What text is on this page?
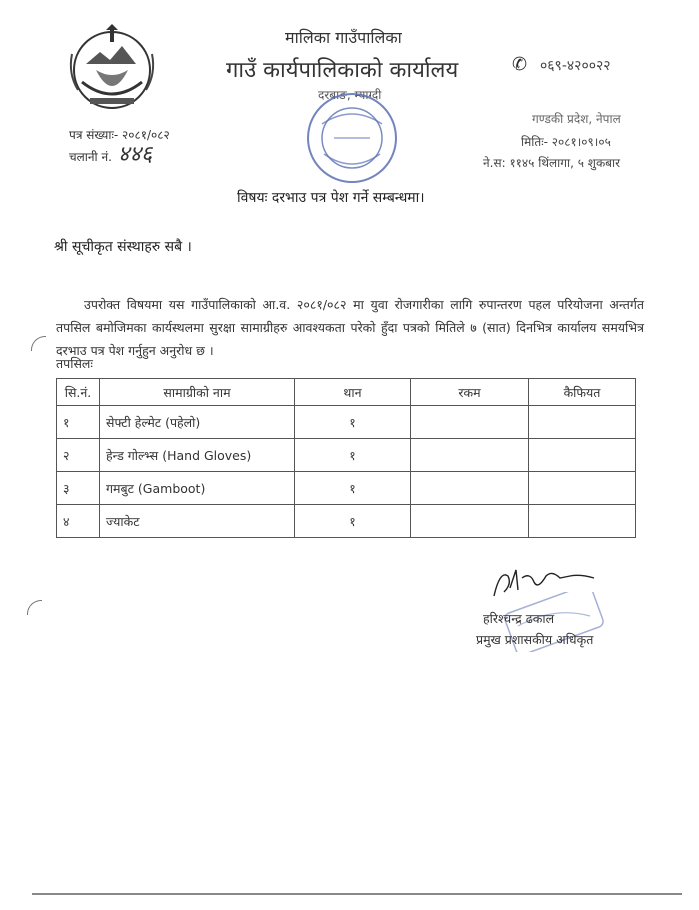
मालिका गाउँपालिका
गाउँ कार्यपालिकाको कार्यालय	✆ ०६९-४२००२२
दरबाङ, म्याग्दी
गण्डकी प्रदेश, नेपाल
मितिः- २०८१।०९।०५
ने.स: ११४५ थिंलागा, ५ शुकबार
पत्र संख्याः- २०८१/०८२
चलानी नं. ४४६
विषयः दरभाउ पत्र पेश गर्ने सम्बन्धमा।
श्री सूचीकृत संस्थाहरु सबै ।
उपरोक्त विषयमा यस गाउँपालिकाको आ.व. २०८१/०८२ मा युवा रोजगारीका लागि रुपान्तरण पहल परियोजना अन्तर्गत तपसिल बमोजिमका कार्यस्थलमा सुरक्षा सामाग्रीहरु आवश्यकता परेको हुँदा पत्रको मितिले ७ (सात) दिनभित्र कार्यालय समयभित्र दरभाउ पत्र पेश गर्नुहुन अनुरोध छ ।
तपसिलः
सि.नं.	सामाग्रीको नाम	थान	रकम	कैफियत
१	सेफ्टी हेल्मेट (पहेलो)	१		
२	हेन्ड गोल्भ्स (Hand Gloves)	१		
३	गमबुट (Gamboot)	१		
४	ज्याकेट	१		
हरिश्चन्द्र ढकाल
प्रमुख प्रशासकीय अधिकृत
